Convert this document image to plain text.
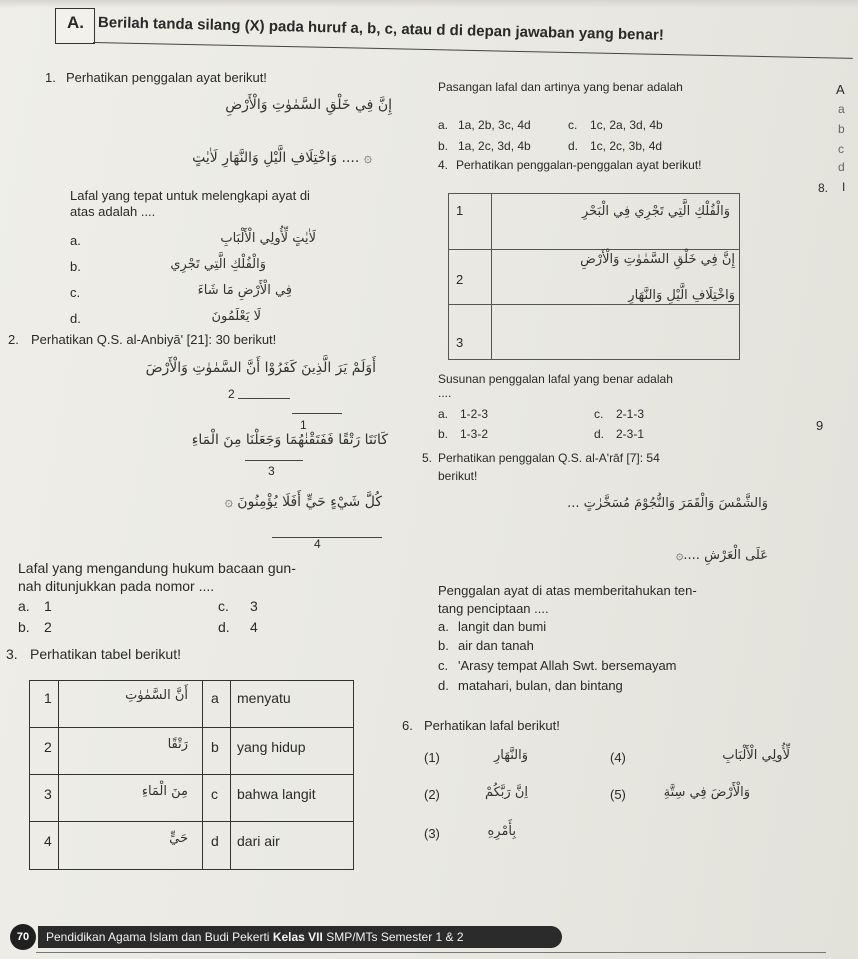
A. Berilah tanda silang (X) pada huruf a, b, c, atau d di depan jawaban yang benar!
1. Perhatikan penggalan ayat berikut!
إِنَّ فِي خَلْقِ السَّمٰوٰتِ وَالْأَرْضِ
۞ .... وَاخْتِلَافِ الَّيْلِ وَالنَّهَارِ لَاٰيٰتٍ
Lafal yang tepat untuk melengkapi ayat di
atas adalah ....
a.	لَاٰيٰتٍ لِّأُولِي الْأَلْبَابِ
b.	وَالْفُلْكِ الَّتِي تَجْرِي
c.	فِي الْأَرْضِ مَا شَاءَ
d.	لَا يَعْلَمُونَ
2. Perhatikan Q.S. al-Anbiyā' [21]: 30 berikut!
أَوَلَمْ يَرَ الَّذِينَ كَفَرُوْا أَنَّ السَّمٰوٰتِ وَالْأَرْضَ
2
1
كَانَتَا رَتْقًا فَفَتَقْنٰهُمَا وَجَعَلْنَا مِنَ الْمَاءِ
3
كُلَّ شَيْءٍ حَيٍّ أَفَلَا يُؤْمِنُونَ ۞
4
Lafal yang mengandung hukum bacaan gun-
nah ditunjukkan pada nomor ....
a. 1
b. 2
c. 3
d. 4
3. Perhatikan tabel berikut!
1	أَنَّ السَّمٰوٰتِ a menyatu
2	رَتْقًا b yang hidup
3	مِنَ الْمَاءِ c bahwa langit
4	حَيٍّ d dari air
Pasangan lafal dan artinya yang benar adalah
a. 1a, 2b, 3c, 4d	c. 1c, 2a, 3d, 4b
b. 1a, 2c, 3d, 4b	d. 1c, 2c, 3b, 4d
4. Perhatikan penggalan-penggalan ayat berikut!
1	وَالْفُلْكِ الَّتِي تَجْرِي فِي الْبَحْرِ
2
إِنَّ فِي خَلْقِ السَّمٰوٰتِ وَالْأَرْضِ
3
وَاخْتِلَافِ الَّيْلِ وَالنَّهَارِ
Susunan penggalan lafal yang benar adalah
....
a. 1-2-3
b. 1-3-2
c. 2-1-3
d. 2-3-1
5. Perhatikan penggalan Q.S. al-A'rāf [7]: 54
berikut!
وَالشَّمْسَ وَالْقَمَرَ وَالنُّجُوْمَ مُسَخَّرٰتٍ ...
عَلَى الْعَرْشِ ....۞
Penggalan ayat di atas memberitahukan ten-
tang penciptaan ....
a. langit dan bumi
b. air dan tanah
c. 'Arasy tempat Allah Swt. bersemayam
d. matahari, bulan, dan bintang
6. Perhatikan lafal berikut!
(1)	وَالنَّهَارِ
(2)	اِنَّ رَبَّكُمْ
(3)	بِأَمْرِهِ
(4)	لِّأُولِي الْأَلْبَابِ
(5)	وَالْأَرْضَ فِي سِتَّةِ
A
a
b
c
d
8. I
9
70	Pendidikan Agama Islam dan Budi Pekerti Kelas VII SMP/MTs Semester 1 & 2
